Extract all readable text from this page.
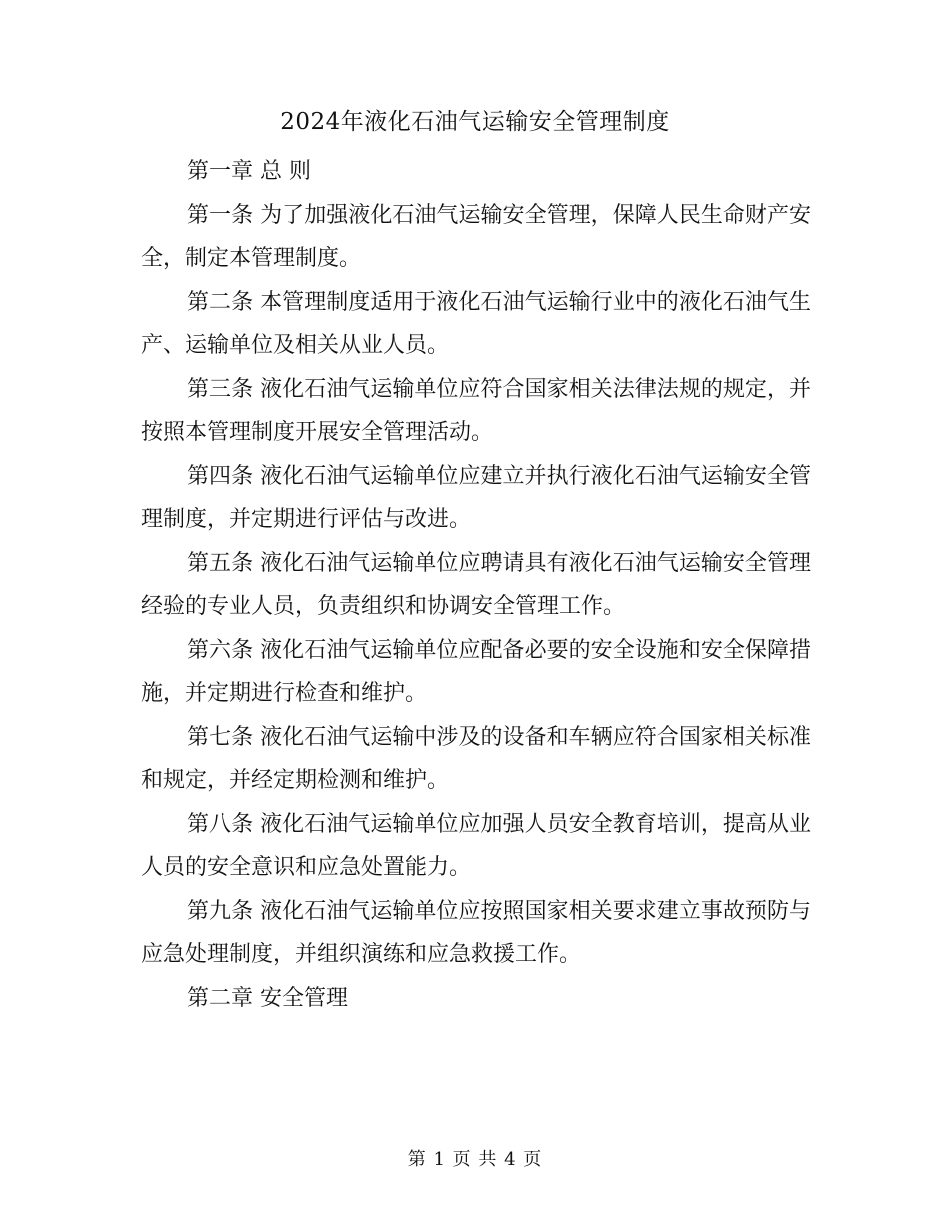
2024年液化石油气运输安全管理制度

第一章 总 则

第一条 为了加强液化石油气运输安全管理，保障人民生命财产安全，制定本管理制度。

第二条 本管理制度适用于液化石油气运输行业中的液化石油气生产、运输单位及相关从业人员。

第三条 液化石油气运输单位应符合国家相关法律法规的规定，并按照本管理制度开展安全管理活动。

第四条 液化石油气运输单位应建立并执行液化石油气运输安全管理制度，并定期进行评估与改进。

第五条 液化石油气运输单位应聘请具有液化石油气运输安全管理经验的专业人员，负责组织和协调安全管理工作。

第六条 液化石油气运输单位应配备必要的安全设施和安全保障措施，并定期进行检查和维护。

第七条 液化石油气运输中涉及的设备和车辆应符合国家相关标准和规定，并经定期检测和维护。

第八条 液化石油气运输单位应加强人员安全教育培训，提高从业人员的安全意识和应急处置能力。

第九条 液化石油气运输单位应按照国家相关要求建立事故预防与应急处理制度，并组织演练和应急救援工作。

第二章 安全管理

第 1 页 共 4 页
